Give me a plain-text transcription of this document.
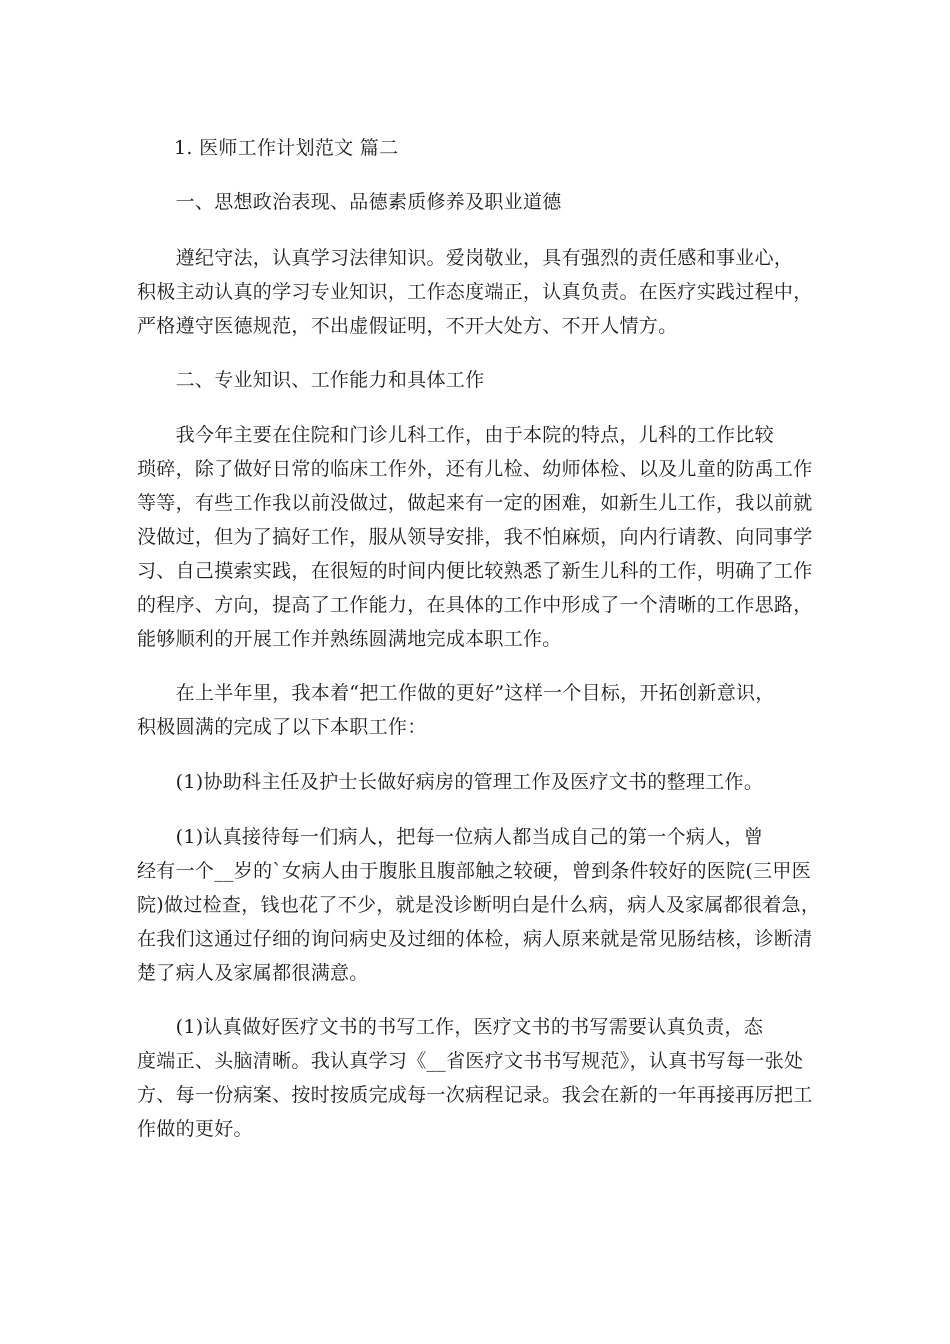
1. 医师工作计划范文 篇二
　　一、思想政治表现、品德素质修养及职业道德
　　遵纪守法，认真学习法律知识。爱岗敬业，具有强烈的责任感和事业心，
积极主动认真的学习专业知识，工作态度端正，认真负责。在医疗实践过程中，
严格遵守医德规范，不出虚假证明，不开大处方、不开人情方。
　　二、专业知识、工作能力和具体工作
　　我今年主要在住院和门诊儿科工作，由于本院的特点，儿科的工作比较
琐碎，除了做好日常的临床工作外，还有儿检、幼师体检、以及儿童的防禹工作
等等，有些工作我以前没做过，做起来有一定的困难，如新生儿工作，我以前就
没做过，但为了搞好工作，服从领导安排，我不怕麻烦，向内行请教、向同事学
习、自己摸索实践，在很短的时间内便比较熟悉了新生儿科的工作，明确了工作
的程序、方向，提高了工作能力，在具体的工作中形成了一个清晰的工作思路，
能够顺利的开展工作并熟练圆满地完成本职工作。
　　在上半年里，我本着“把工作做的更好”这样一个目标，开拓创新意识，
积极圆满的完成了以下本职工作：
　　(1)协助科主任及护士长做好病房的管理工作及医疗文书的整理工作。
　　(1)认真接待每一们病人，把每一位病人都当成自己的第一个病人，曾
经有一个__岁的`女病人由于腹胀且腹部触之较硬，曾到条件较好的医院(三甲医
院)做过检查，钱也花了不少，就是没诊断明白是什么病，病人及家属都很着急，
在我们这通过仔细的询问病史及过细的体检，病人原来就是常见肠结核，诊断清
楚了病人及家属都很满意。
　　(1)认真做好医疗文书的书写工作，医疗文书的书写需要认真负责，态
度端正、头脑清晰。我认真学习《__省医疗文书书写规范》，认真书写每一张处
方、每一份病案、按时按质完成每一次病程记录。我会在新的一年再接再厉把工
作做的更好。
